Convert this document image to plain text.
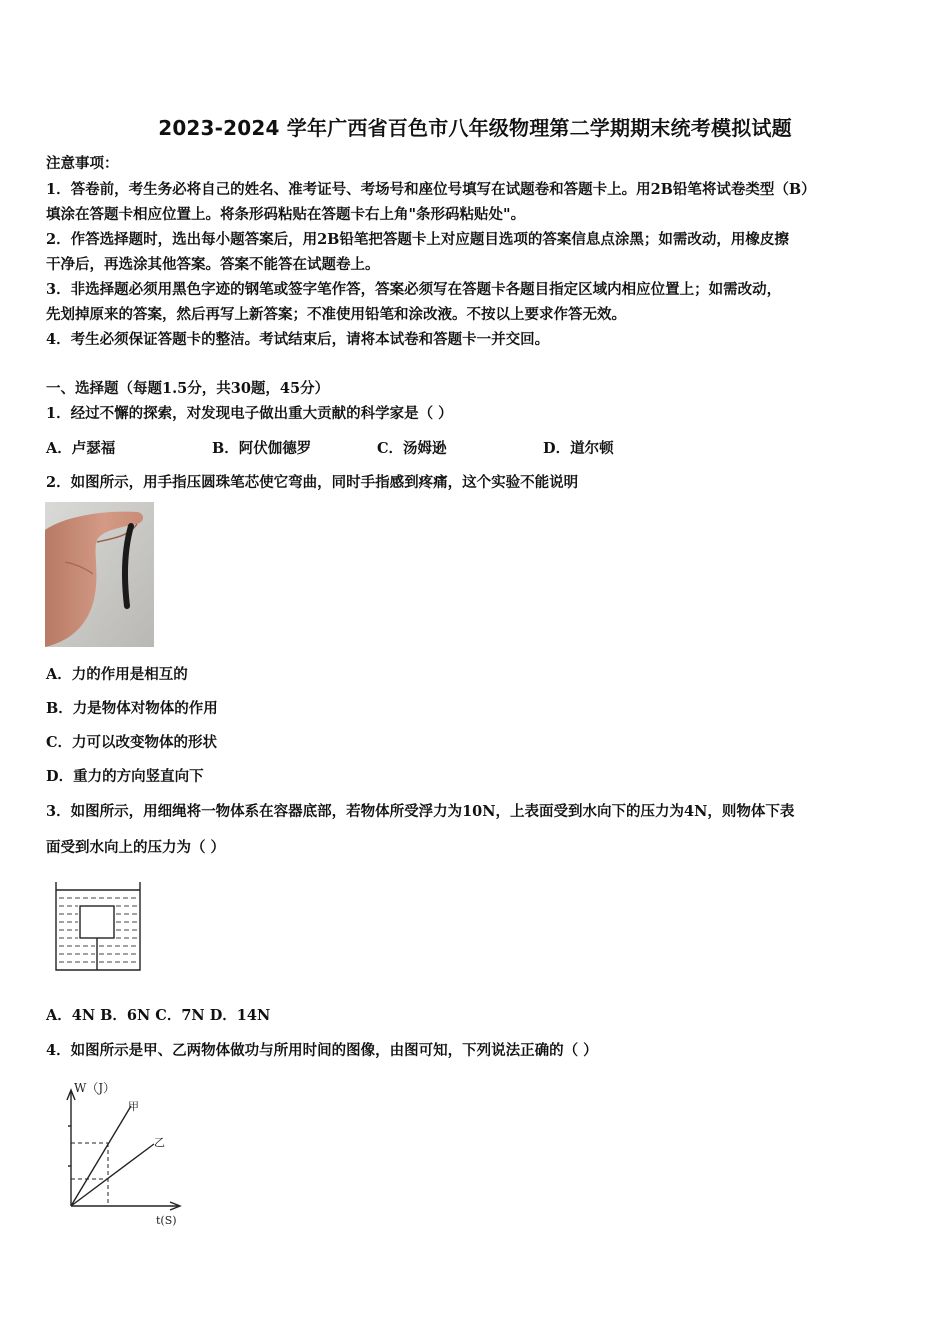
2023-2024 学年广西省百色市八年级物理第二学期期末统考模拟试题
注意事项：
1．答卷前，考生务必将自己的姓名、准考证号、考场号和座位号填写在试题卷和答题卡上。用2B铅笔将试卷类型（B）
填涂在答题卡相应位置上。将条形码粘贴在答题卡右上角"条形码粘贴处"。
2．作答选择题时，选出每小题答案后，用2B铅笔把答题卡上对应题目选项的答案信息点涂黑；如需改动，用橡皮擦
干净后，再选涂其他答案。答案不能答在试题卷上。
3．非选择题必须用黑色字迹的钢笔或签字笔作答，答案必须写在答题卡各题目指定区域内相应位置上；如需改动，
先划掉原来的答案，然后再写上新答案；不准使用铅笔和涂改液。不按以上要求作答无效。
4．考生必须保证答题卡的整洁。考试结束后，请将本试卷和答题卡一并交回。
一、选择题（每题1.5分，共30题，45分）
1．经过不懈的探索，对发现电子做出重大贡献的科学家是（ ）
A．卢瑟福	B．阿伏伽德罗	C．汤姆逊	D．道尔顿
2．如图所示，用手指压圆珠笔芯使它弯曲，同时手指感到疼痛，这个实验不能说明
A．力的作用是相互的
B．力是物体对物体的作用
C．力可以改变物体的形状
D．重力的方向竖直向下
3．如图所示，用细绳将一物体系在容器底部，若物体所受浮力为10N，上表面受到水向下的压力为4N，则物体下表
面受到水向上的压力为（ ）
A．4N B．6N C．7N D．14N
4．如图所示是甲、乙两物体做功与所用时间的图像，由图可知，下列说法正确的（ ）
W（J）
t(S)
甲
乙
